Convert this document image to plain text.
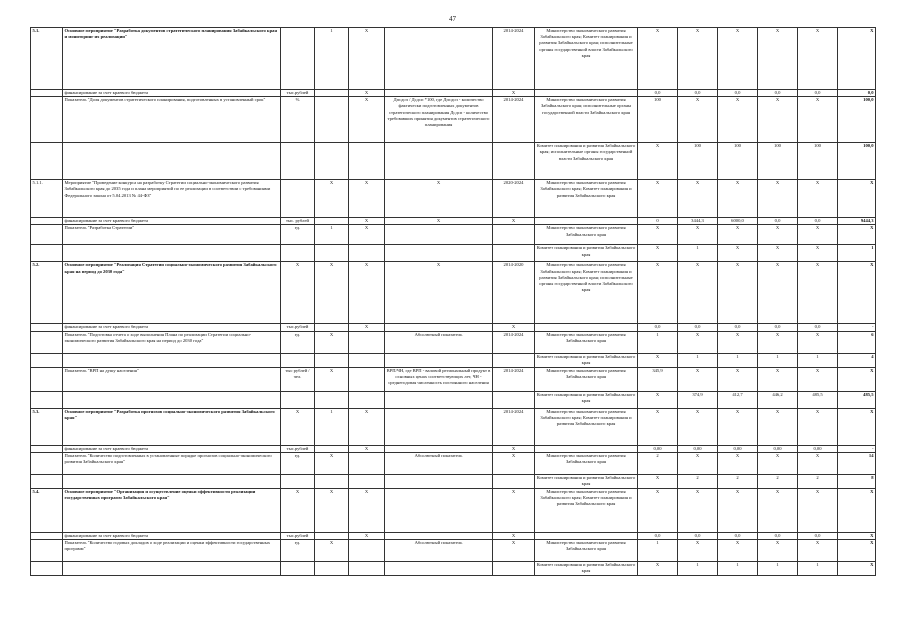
47
5.1.	Основное мероприятие "Разработка документов стратегического планирования Забайкальского края и мониторинг их реализации"		1	X		2014-2024	Министерство экономического развития Забайкальского края; Комитет планирования и развития Забайкальского края; исполнительные органы государственной власти Забайкальского края	X	X	X	X	X	X
	финансирование за счет краевого бюджета	тыс.рублей		X		X		0,0	0,0	0,0	0,0	0,0	0,0
	Показатель "Доля документов стратегического планирования, подготовленных в установленный срок"	%		X	Дпсдсп / Дсдсп *100, где Дпсдсп - количество фактически подготовленных документов стратегического планирования Дсдсп - количество требовавших принятия документов стратегического планирования	2014-2024	Министерство экономического развития Забайкальского края; исполнительные органы государственной власти Забайкальского края	100	X	X	X	X	100,0
							Комитет планирования и развития Забайкальского края; исполнительные органы государственной власти Забайкальского края	X	100	100	100	100	100,0
5.1.1.	Мероприятие "Проведение конкурса на разработку Стратегии социально-экономического развития Забайкальского края до 2035 года и плана мероприятий по ее реализации в соответствии с требованиями Федерального закона от 5.04.2013 № 44-ФЗ"		X	X	X	2020-2024	Министерство экономического развития Забайкальского края; Комитет планирования и развития Забайкальского края	X	X	X	X	X	X
	финансирование за счет краевого бюджета	тыс. рублей		X	X	X		0	3444,3	6000,0	0,0	0,0	9444,3
	Показатель "Разработка Стратегии"	ед.	1	X			Министерство экономического развития Забайкальского края	X	X	X	X	X	X
							Комитет планирования и развития Забайкальского края	X	1	X	X	X	1
5.2.	Основное мероприятие "Реализация Стратегии социально-экономического развития Забайкальского края на период до 2030 года"	X	X	X	X	2014-2020	Министерство экономического развития Забайкальского края; Комитет планирования и развития Забайкальского края; исполнительные органы государственной власти Забайкальского края	X	X	X	X	X	X
	финансирование за счет краевого бюджета	тыс.рублей		X		X		0,0	0,0	0,0	0,0	0,0	-
	Показатель "Подготовка отчета о ходе выполнения Плана по реализации Стратегии социально-экономического развития Забайкальского края на период до 2030 года"	ед.	X		Абсолютный показатель	2014-2024	Министерство экономического развития Забайкальского края	1	X	X	X	X	6
							Комитет планирования и развития Забайкальского края	X	1	1	1	1	4
	Показатель "ВРП на душу населения"	тыс рублей / чел.	X		ВРП/ЧН, где ВРП - валовой региональный продукт в основных ценах соответствующих лет, ЧН - среднегодовая численность постоянного населения	2014-2024	Министерство экономического развития Забайкальского края	345,9	X	X	X	X	X
							Комитет планирования и развития Забайкальского края	X	374,9	412,7	446,2	485,5	485,5
5.3.	Основное мероприятие "Разработка прогнозов социально-экономического развития Забайкальского края"	X	1	X		2014-2024	Министерство экономического развития Забайкальского края; Комитет планирования и развития Забайкальского края	X	X	X	X	X	X
	финансирование за счет краевого бюджета	тыс.рублей		X		X		0,00	0,00	0,00	0,00	0,00	-
	Показатель "Количество подготовленных в установленные порядке прогнозов социально-экономического развития Забайкальского края"	ед.	X		Абсолютный показатель	X	Министерство экономического развития Забайкальского края	2	X	X	X	X	14
							Комитет планирования и развития Забайкальского края	X	2	2	2	2	8
5.4.	Основное мероприятие "Организация и осуществление оценки эффективности реализации государственных программ Забайкальского края"	X	X	X		X	Министерство экономического развития Забайкальского края; Комитет планирования и развития Забайкальского края	X	X	X	X	X	X
	финансирование за счет краевого бюджета	тыс.рублей		X		X		0,0	0,0	0,0	0,0	0,0	X
	Показатель "Количество годовых докладов о ходе реализации и оценки эффективности государственных программ"	ед.	X		Абсолютный показатель	X	Министерство экономического развития Забайкальского края	1	X	X	X	X	X
							Комитет планирования и развития Забайкальского края	X	1	1	1	1	X
